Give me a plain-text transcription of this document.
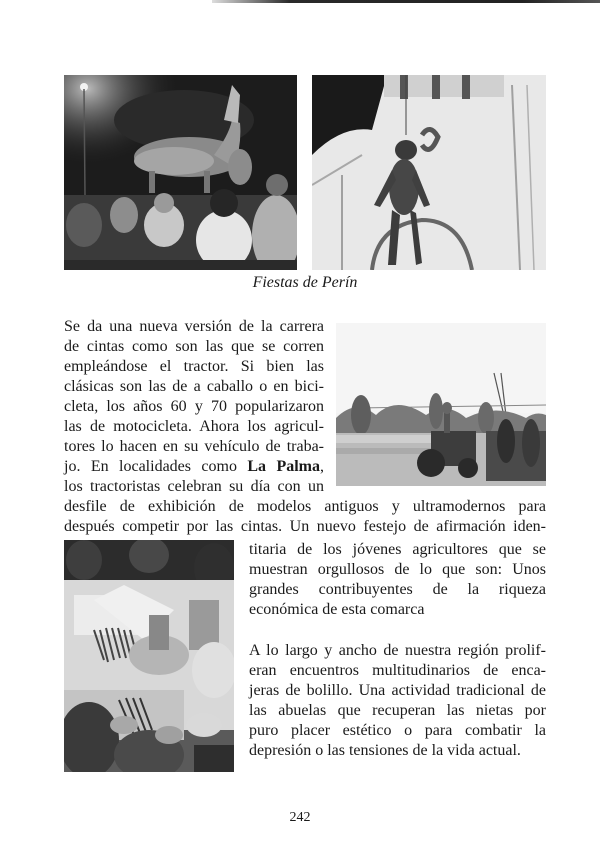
Fiestas de Perín
Se da una nueva versión de la carrera
de cintas como son las que se corren
empleándose el tractor. Si bien las
clásicas son las de a caballo o en bici-
cleta, los años 60 y 70 popularizaron
las de motocicleta. Ahora los agricul-
tores lo hacen en su vehículo de traba-
jo. En localidades como La Palma,
los tractoristas celebran su día con un
desfile de exhibición de modelos antiguos y ultramodernos para
después competir por las cintas. Un nuevo festejo de afirmación iden-
titaria de los jóvenes agricultores que se
muestran orgullosos de lo que son: Unos
grandes contribuyentes de la riqueza
económica de esta comarca
A lo largo y ancho de nuestra región prolif-
eran encuentros multitudinarios de enca-
jeras de bolillo. Una actividad tradicional de
las abuelas que recuperan las nietas por
puro placer estético o para combatir la
depresión o las tensiones de la vida actual.
242
